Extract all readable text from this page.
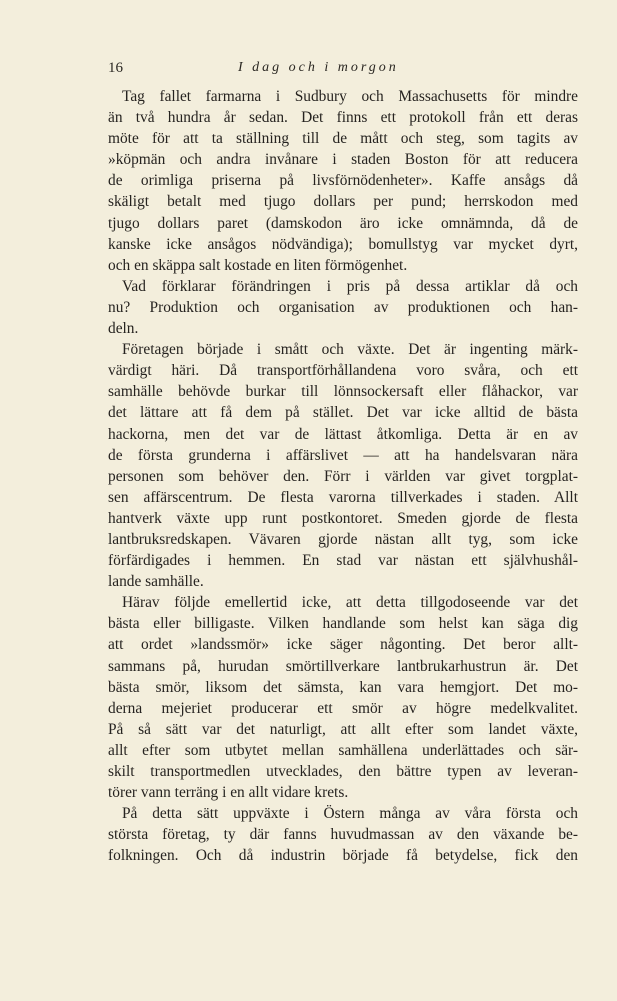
16	I dag och i morgon
Tag fallet farmarna i Sudbury och Massachusetts för mindre
än två hundra år sedan. Det finns ett protokoll från ett deras
möte för att ta ställning till de mått och steg, som tagits av
»köpmän och andra invånare i staden Boston för att reducera
de orimliga priserna på livsförnödenheter». Kaffe ansågs då
skäligt betalt med tjugo dollars per pund; herrskodon med
tjugo dollars paret (damskodon äro icke omnämnda, då de
kanske icke ansågos nödvändiga); bomullstyg var mycket dyrt,
och en skäppa salt kostade en liten förmögenhet.
Vad förklarar förändringen i pris på dessa artiklar då och
nu? Produktion och organisation av produktionen och han-
deln.
Företagen började i smått och växte. Det är ingenting märk-
värdigt häri. Då transportförhållandena voro svåra, och ett
samhälle behövde burkar till lönnsockersaft eller flåhackor, var
det lättare att få dem på stället. Det var icke alltid de bästa
hackorna, men det var de lättast åtkomliga. Detta är en av
de första grunderna i affärslivet — att ha handelsvaran nära
personen som behöver den. Förr i världen var givet torgplat-
sen affärscentrum. De flesta varorna tillverkades i staden. Allt
hantverk växte upp runt postkontoret. Smeden gjorde de flesta
lantbruksredskapen. Vävaren gjorde nästan allt tyg, som icke
förfärdigades i hemmen. En stad var nästan ett självhushål-
lande samhälle.
Härav följde emellertid icke, att detta tillgodoseende var det
bästa eller billigaste. Vilken handlande som helst kan säga dig
att ordet »landssmör» icke säger någonting. Det beror allt-
sammans på, hurudan smörtillverkare lantbrukarhustrun är. Det
bästa smör, liksom det sämsta, kan vara hemgjort. Det mo-
derna mejeriet producerar ett smör av högre medelkvalitet.
På så sätt var det naturligt, att allt efter som landet växte,
allt efter som utbytet mellan samhällena underlättades och sär-
skilt transportmedlen utvecklades, den bättre typen av leveran-
törer vann terräng i en allt vidare krets.
På detta sätt uppväxte i Östern många av våra första och
största företag, ty där fanns huvudmassan av den växande be-
folkningen. Och då industrin började få betydelse, fick den
